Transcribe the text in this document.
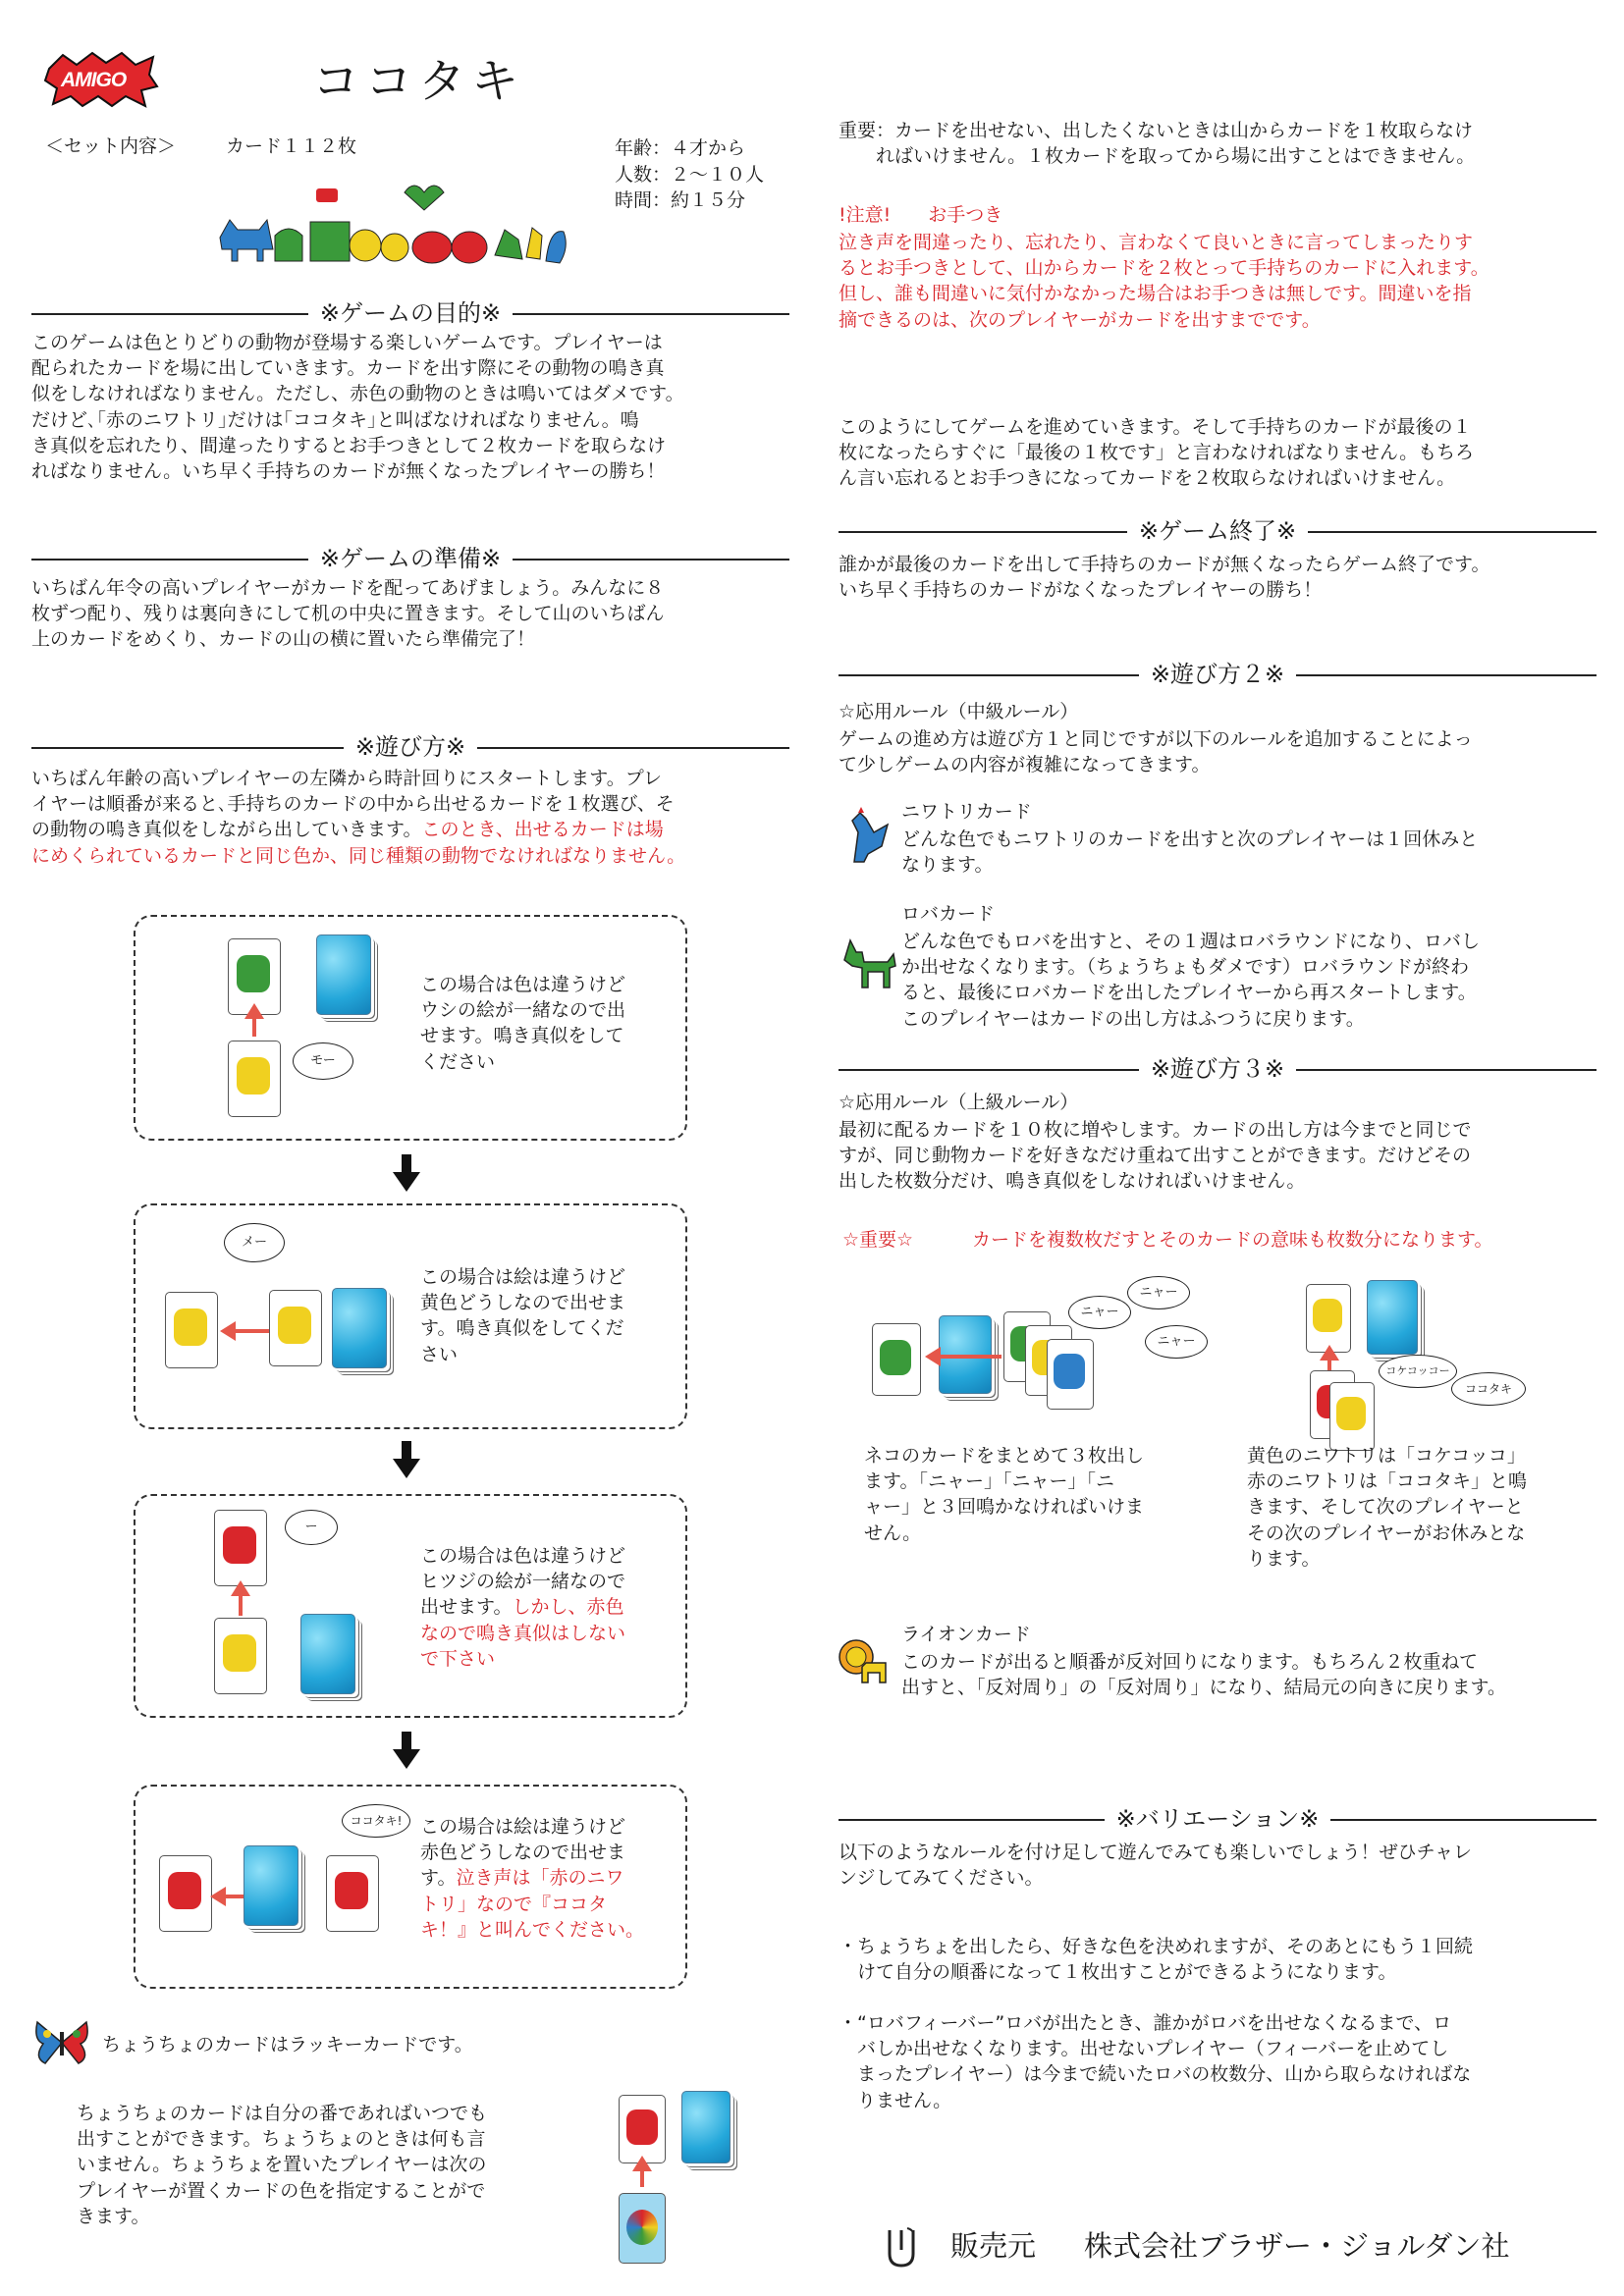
AMIGO	ココタキ
＜セット内容＞	カード１１２枚	年齢：４才から
人数：２〜１０人
時間：約１５分
※ゲームの目的※

このゲームは色とりどりの動物が登場する楽しいゲームです。プレイヤーは
配られたカードを場に出していきます。カードを出す際にその動物の鳴き真
似をしなければなりません。ただし、赤色の動物のときは鳴いてはダメです。
だけど､｢赤のニワトリ｣だけは｢ココタキ｣と叫ばなければなりません。鳴
き真似を忘れたり、間違ったりするとお手つきとして２枚カードを取らなけ
ればなりません。いち早く手持ちのカードが無くなったプレイヤーの勝ち！

※ゲームの準備※

いちばん年令の高いプレイヤーがカードを配ってあげましょう。みんなに８
枚ずつ配り、残りは裏向きにして机の中央に置きます。そして山のいちばん
上のカードをめくり、カードの山の横に置いたら準備完了！

※遊び方※
いちばん年齢の高いプレイヤーの左隣から時計回りにスタートします。プレ
イヤーは順番が来ると､手持ちのカードの中から出せるカードを１枚選び、そ
の動物の鳴き真似をしながら出していきます。このとき、出せるカードは場
にめくられているカードと同じ色か、同じ種類の動物でなければなりません。
モー

この場合は色は違うけど
ウシの絵が一緒なので出
せます。鳴き真似をして
ください

メー

この場合は絵は違うけど
黄色どうしなので出せま
す。鳴き真似をしてくだ
さい

ー
この場合は色は違うけど
ヒツジの絵が一緒なので
出せます。しかし、赤色
なので鳴き真似はしない
で下さい
ココタキ! この場合は絵は違うけど
赤色どうしなので出せま
す。泣き声は「赤のニワ
トリ」なので『ココタ
キ！』と叫んでください。
ちょうちょのカードはラッキーカードです。

ちょうちょのカードは自分の番であればいつでも
出すことができます。ちょうちょのときは何も言
いません。ちょうちょを置いたプレイヤーは次の
プレイヤーが置くカードの色を指定することがで
きます。

重要：カードを出せない、出したくないときは山からカードを１枚取らなけ
　　ればいけません。１枚カードを取ってから場に出すことはできません。

!注意!　　お手つき

泣き声を間違ったり、忘れたり、言わなくて良いときに言ってしまったりす
るとお手つきとして、山からカードを２枚とって手持ちのカードに入れます。
但し、誰も間違いに気付かなかった場合はお手つきは無しです。間違いを指
摘できるのは、次のプレイヤーがカードを出すまでです。

このようにしてゲームを進めていきます。そして手持ちのカードが最後の１
枚になったらすぐに「最後の１枚です」と言わなければなりません。もちろ
ん言い忘れるとお手つきになってカードを２枚取らなければいけません。

※ゲーム終了※

誰かが最後のカードを出して手持ちのカードが無くなったらゲーム終了です。
いち早く手持ちのカードがなくなったプレイヤーの勝ち！

※遊び方２※

☆応用ルール（中級ルール）

ゲームの進め方は遊び方１と同じですが以下のルールを追加することによっ
て少しゲームの内容が複雑になってきます。

ニワトリカード

どんな色でもニワトリのカードを出すと次のプレイヤーは１回休みと
なります。

ロバカード

どんな色でもロバを出すと、その１週はロバラウンドになり、ロバし
か出せなくなります。（ちょうちょもダメです）ロバラウンドが終わ
ると、最後にロバカードを出したプレイヤーから再スタートします。
このプレイヤーはカードの出し方はふつうに戻ります。

※遊び方３※

☆応用ルール（上級ルール）

最初に配るカードを１０枚に増やします。カードの出し方は今までと同じで
すが、同じ動物カードを好きなだけ重ねて出すことができます。だけどその
出した枚数分だけ、鳴き真似をしなければいけません。

☆重要☆	カードを複数枚だすとそのカードの意味も枚数分になります。
ニャー
ニャー
ニャー

ネコのカードをまとめて３枚出し
ます。「ニャー」「ニャー」「ニ
ャー」と３回鳴かなければいけま
せん。

コケコッコー
ココタキ

黄色のニワトリは「コケコッコ」
赤のニワトリは「ココタキ」と鳴
きます、そして次のプレイヤーと
その次のプレイヤーがお休みとな
ります。

ライオンカード

このカードが出ると順番が反対回りになります。もちろん２枚重ねて
出すと、「反対周り」の「反対周り」になり、結局元の向きに戻ります。

※バリエーション※

以下のようなルールを付け足して遊んでみても楽しいでしょう！ぜひチャレ
ンジしてみてください。

・ちょうちょを出したら、好きな色を決めれますが、そのあとにもう１回続
　けて自分の順番になって１枚出すことができるようになります。

・“ロバフィーバー”ロバが出たとき、誰かがロバを出せなくなるまで、ロ
　バしか出せなくなります。出せないプレイヤー（フィーバーを止めてし
　まったプレイヤー）は今まで続いたロバの枚数分、山から取らなければな
　りません。

販売元 株式会社ブラザー・ジョルダン社
